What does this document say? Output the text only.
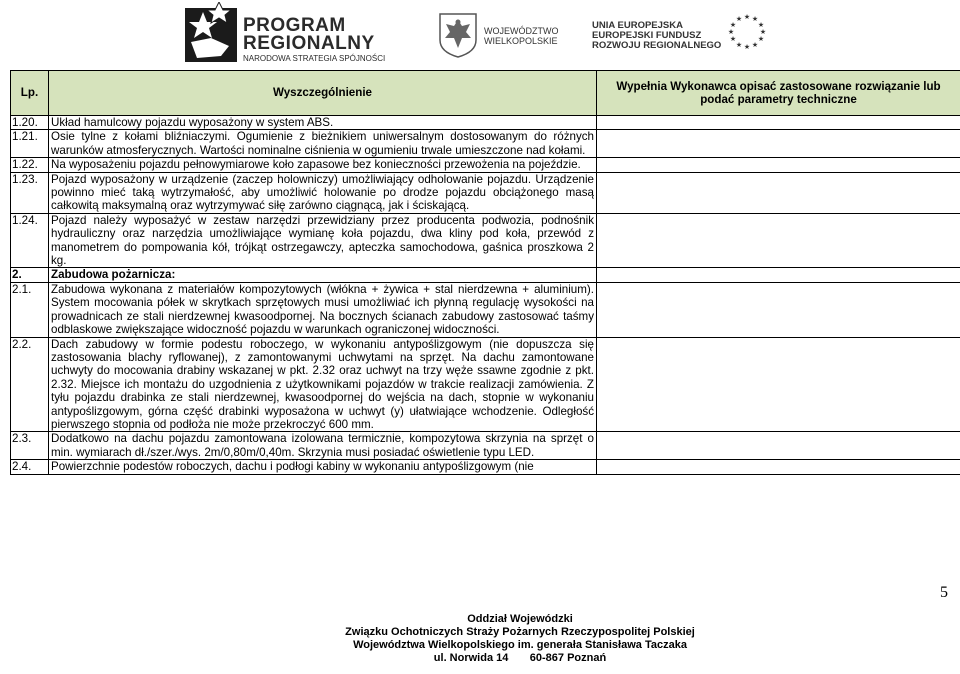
PROGRAM
REGIONALNY
NARODOWA STRATEGIA SPÓJNOŚCI
WOJEWÓDZTWO
WIELKOPOLSKIE
UNIA EUROPEJSKA
EUROPEJSKI FUNDUSZ
ROZWOJU REGIONALNEGO
★ ★
★
★
★
★
★
★
★
★
★
★
Lp.	Wyszczególnienie	Wypełnia Wykonawca opisać zastosowane rozwiązanie lub podać parametry techniczne
1.20.	Układ hamulcowy pojazdu wyposażony w system ABS.	
1.21.	Osie tylne z kołami bliźniaczymi. Ogumienie z bieżnikiem uniwersalnym dostosowanym do różnych warunków atmosferycznych. Wartości nominalne ciśnienia w ogumieniu trwale umieszczone nad kołami.	
1.22.	Na wyposażeniu pojazdu pełnowymiarowe koło zapasowe bez konieczności przewożenia na pojeździe.	
1.23.	Pojazd wyposażony w urządzenie (zaczep holowniczy) umożliwiający odholowanie pojazdu. Urządzenie powinno mieć taką wytrzymałość, aby umożliwić holowanie po drodze pojazdu obciążonego masą całkowitą maksymalną oraz wytrzymywać siłę zarówno ciągnącą, jak i ściskającą.	
1.24.	Pojazd należy wyposażyć w zestaw narzędzi przewidziany przez producenta podwozia, podnośnik hydrauliczny oraz narzędzia umożliwiające wymianę koła pojazdu, dwa kliny pod koła, przewód z manometrem do pompowania kół, trójkąt ostrzegawczy, apteczka samochodowa, gaśnica proszkowa 2 kg.	
2.	Zabudowa pożarnicza:	
2.1.	Zabudowa wykonana z materiałów kompozytowych (włókna + żywica + stal nierdzewna + aluminium). System mocowania półek w skrytkach sprzętowych musi umożliwiać ich płynną regulację wysokości na prowadnicach ze stali nierdzewnej kwasoodpornej. Na bocznych ścianach zabudowy zastosować taśmy odblaskowe zwiększające widoczność pojazdu w warunkach ograniczonej widoczności.	
2.2.	Dach zabudowy w formie podestu roboczego, w wykonaniu antypoślizgowym (nie dopuszcza się zastosowania blachy ryflowanej), z zamontowanymi uchwytami na sprzęt. Na dachu zamontowane uchwyty do mocowania drabiny wskazanej w pkt. 2.32 oraz uchwyt na trzy węże ssawne zgodnie z pkt. 2.32. Miejsce ich montażu do uzgodnienia z użytkownikami pojazdów w trakcie realizacji zamówienia. Z tyłu pojazdu drabinka ze stali nierdzewnej, kwasoodpornej do wejścia na dach, stopnie w wykonaniu antypoślizgowym, górna część drabinki wyposażona w uchwyt (y) ułatwiające wchodzenie. Odległość pierwszego stopnia od podłoża nie może przekroczyć 600 mm.	
2.3.	Dodatkowo na dachu pojazdu zamontowana izolowana termicznie, kompozytowa skrzynia na sprzęt o min. wymiarach dł./szer./wys. 2m/0,80m/0,40m. Skrzynia musi posiadać oświetlenie typu LED.	
2.4.	Powierzchnie podestów roboczych, dachu i podłogi kabiny w wykonaniu antypoślizgowym (nie	
5
Oddział Wojewódzki
Związku Ochotniczych Straży Pożarnych Rzeczypospolitej Polskiej
Województwa Wielkopolskiego im. generała Stanisława Taczaka
ul. Norwida 14       60-867 Poznań
